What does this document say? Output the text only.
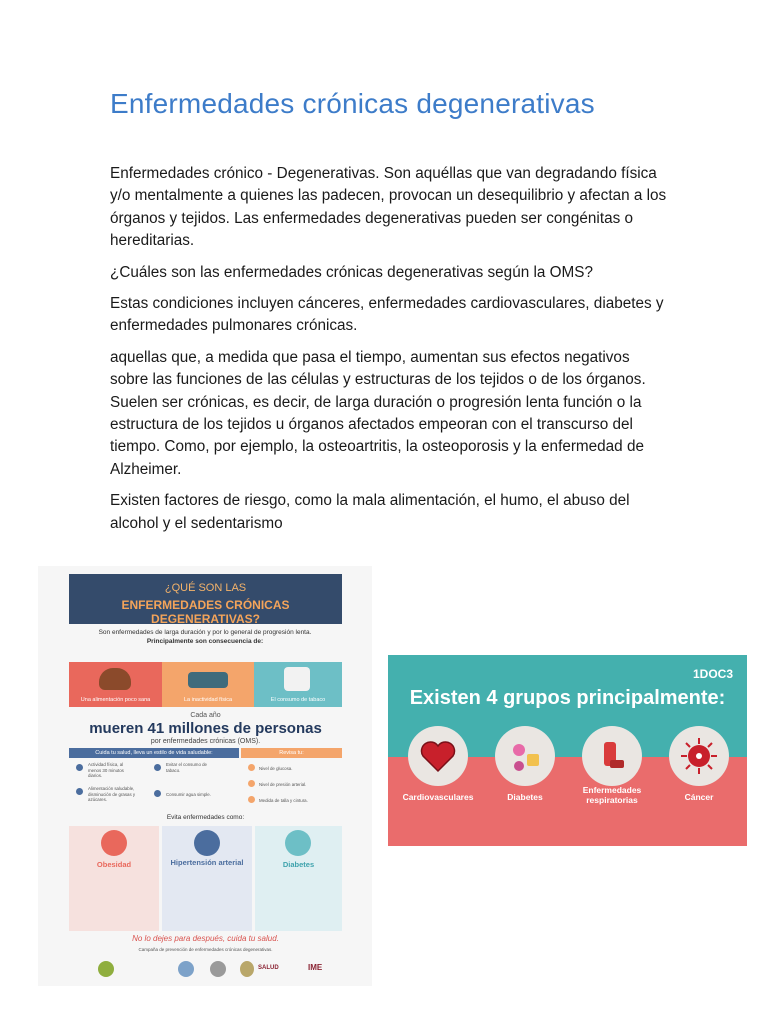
Enfermedades crónicas degenerativas

Enfermedades crónico - Degenerativas. Son aquéllas que van degradando física y/o mentalmente a quienes las padecen, provocan un desequilibrio y afectan a los órganos y tejidos. Las enfermedades degenerativas pueden ser congénitas o hereditarias.

¿Cuáles son las enfermedades crónicas degenerativas según la OMS?

Estas condiciones incluyen cánceres, enfermedades cardiovasculares, diabetes y enfermedades pulmonares crónicas.

aquellas que, a medida que pasa el tiempo, aumentan sus efectos negativos sobre las funciones de las células y estructuras de los tejidos o de los órganos. Suelen ser crónicas, es decir, de larga duración o progresión lenta función o la estructura de los tejidos u órganos afectados empeoran con el transcurso del tiempo. Como, por ejemplo, la osteoartritis, la osteoporosis y la enfermedad de Alzheimer.

Existen factores de riesgo, como la mala alimentación, el humo, el abuso del alcohol y el sedentarismo

¿QUÉ SON LAS
ENFERMEDADES CRÓNICAS DEGENERATIVAS?
Son enfermedades de larga duración y por lo general de progresión lenta.
Principalmente son consecuencia de:
Una alimentación poco sana	La inactividad física	El consumo de tabaco
Cada año
mueren 41 millones de personas
por enfermedades crónicas (OMS).
Cuida tu salud, lleva un estilo de vida saludable:	Revisa tu:
Actividad física, al menos 30 minutos diarios.
Evitar el consumo de tabaco.
Alimentación saludable, disminución de grasas y azúcares.
Consumir agua simple.
Nivel de glucosa.
Nivel de presión arterial.
Medida de talla y cintura.
Evita enfermedades como:
Obesidad	Hipertensión arterial	Diabetes
No lo dejes para después, cuida tu salud.
Campaña de prevención de enfermedades crónicas degenerativas.
SALUD	IME
1DOC3
Existen 4 grupos principalmente:
Cardiovasculares	Diabetes
Enfermedades respiratorias	Cáncer
